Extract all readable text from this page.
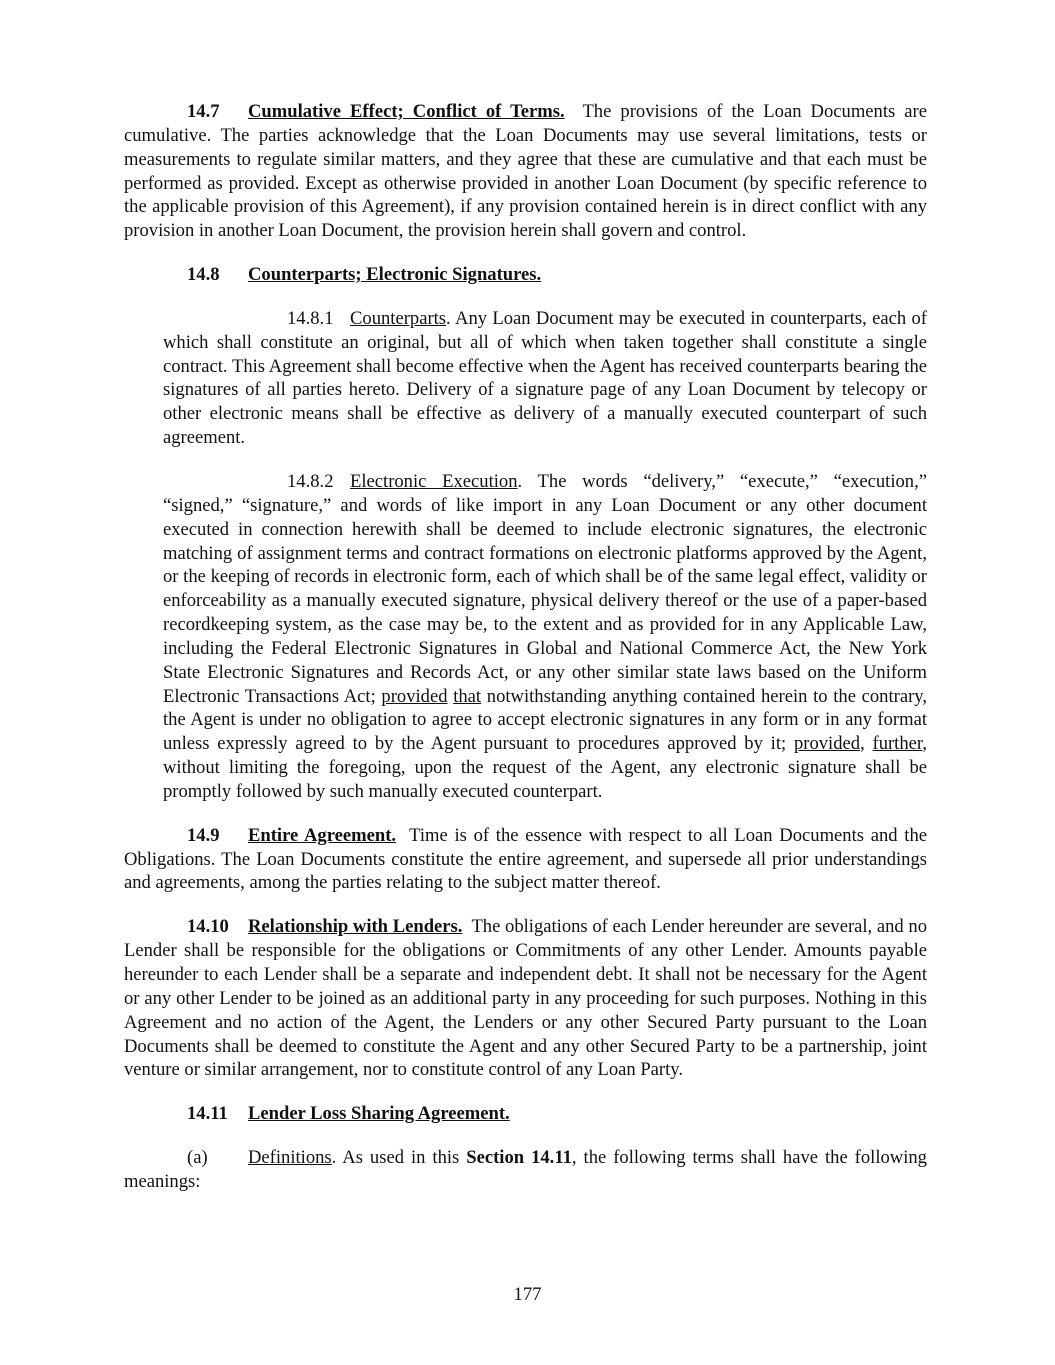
14.7 Cumulative Effect; Conflict of Terms. The provisions of the Loan Documents are cumulative. The parties acknowledge that the Loan Documents may use several limitations, tests or measurements to regulate similar matters, and they agree that these are cumulative and that each must be performed as provided. Except as otherwise provided in another Loan Document (by specific reference to the applicable provision of this Agreement), if any provision contained herein is in direct conflict with any provision in another Loan Document, the provision herein shall govern and control.

14.8 Counterparts; Electronic Signatures.

14.8.1 Counterparts. Any Loan Document may be executed in counterparts, each of which shall constitute an original, but all of which when taken together shall constitute a single contract. This Agreement shall become effective when the Agent has received counterparts bearing the signatures of all parties hereto. Delivery of a signature page of any Loan Document by telecopy or other electronic means shall be effective as delivery of a manually executed counterpart of such agreement.

14.8.2 Electronic Execution. The words “delivery,” “execute,” “execution,” “signed,” “signature,” and words of like import in any Loan Document or any other document executed in connection herewith shall be deemed to include electronic signatures, the electronic matching of assignment terms and contract formations on electronic platforms approved by the Agent, or the keeping of records in electronic form, each of which shall be of the same legal effect, validity or enforceability as a manually executed signature, physical delivery thereof or the use of a paper-based recordkeeping system, as the case may be, to the extent and as provided for in any Applicable Law, including the Federal Electronic Signatures in Global and National Commerce Act, the New York State Electronic Signatures and Records Act, or any other similar state laws based on the Uniform Electronic Transactions Act; provided that notwithstanding anything contained herein to the contrary, the Agent is under no obligation to agree to accept electronic signatures in any form or in any format unless expressly agreed to by the Agent pursuant to procedures approved by it; provided, further, without limiting the foregoing, upon the request of the Agent, any electronic signature shall be promptly followed by such manually executed counterpart.

14.9 Entire Agreement. Time is of the essence with respect to all Loan Documents and the Obligations. The Loan Documents constitute the entire agreement, and supersede all prior understandings and agreements, among the parties relating to the subject matter thereof.

14.10 Relationship with Lenders. The obligations of each Lender hereunder are several, and no Lender shall be responsible for the obligations or Commitments of any other Lender. Amounts payable hereunder to each Lender shall be a separate and independent debt. It shall not be necessary for the Agent or any other Lender to be joined as an additional party in any proceeding for such purposes. Nothing in this Agreement and no action of the Agent, the Lenders or any other Secured Party pursuant to the Loan Documents shall be deemed to constitute the Agent and any other Secured Party to be a partnership, joint venture or similar arrangement, nor to constitute control of any Loan Party.

14.11 Lender Loss Sharing Agreement.

(a) Definitions. As used in this Section 14.11, the following terms shall have the following meanings:

177
